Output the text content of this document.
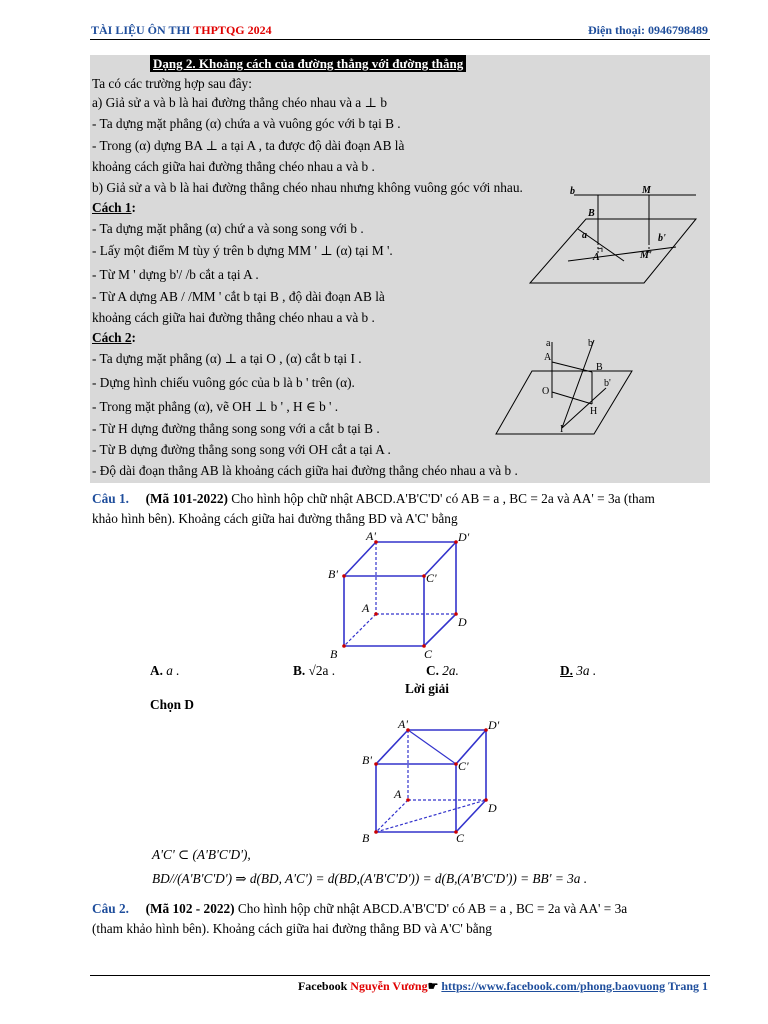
TÀI LIỆU ÔN THI THPTQG 2024	Điện thoại: 0946798489
Dạng 2. Khoảng cách của đường thẳng với đường thẳng
Ta có các trường hợp sau đây:
a) Giả sử a và b là hai đường thẳng chéo nhau và a ⊥ b
- Ta dựng mặt phẳng (α) chứa a và vuông góc với b tại B .
- Trong (α) dựng BA ⊥ a tại A , ta được độ dài đoạn AB là
khoảng cách giữa hai đường thẳng chéo nhau a và b .
b) Giả sử a và b là hai đường thẳng chéo nhau nhưng không vuông góc với nhau.
Cách 1:
- Ta dựng mặt phẳng (α) chứ a và song song với b .
- Lấy một điểm M tùy ý trên b dựng MM ' ⊥ (α) tại M '.
- Từ M ' dựng b'/ /b cắt a tại A .
- Từ A dựng AB / /MM ' cắt b tại B , độ dài đoạn AB là
khoảng cách giữa hai đường thẳng chéo nhau a và b .
Cách 2:
- Ta dựng mặt phẳng (α) ⊥ a tại O , (α) cắt b tại I .
- Dựng hình chiếu vuông góc của b là b ' trên (α).
- Trong mặt phẳng (α), vẽ OH ⊥ b ' , H ∈ b ' .
- Từ H dựng đường thẳng song song với a cắt b tại B .
- Từ B dựng đường thẳng song song với OH cắt a tại A .
- Độ dài đoạn thẳng AB là khoảng cách giữa hai đường thẳng chéo nhau a và b .
b	M
B
a	b'
A	M'
a	b
A
B
b'
O
H
I
Câu 1. (Mã 101-2022) Cho hình hộp chữ nhật ABCD.A'B'C'D' có AB = a , BC = 2a và AA' = 3a (tham
khảo hình bên). Khoảng cách giữa hai đường thẳng BD và A'C' bằng
A'	D'
B'	C'
A
D
B	C
A. a .	B. √2a .	C. 2a.	D. 3a .
Lời giải
Chọn D
A'	D'
B'	C'
A
D
B	C
A'C' ⊂ (A'B'C'D'),
BD//(A'B'C'D') ⇒ d(BD, A'C') = d(BD,(A'B'C'D')) = d(B,(A'B'C'D')) = BB' = 3a .
Câu 2. (Mã 102 - 2022) Cho hình hộp chữ nhật ABCD.A'B'C'D' có AB = a , BC = 2a và AA' = 3a
(tham khảo hình bên). Khoảng cách giữa hai đường thẳng BD và A'C' bằng
Facebook Nguyễn Vương☛ https://www.facebook.com/phong.baovuong Trang 1
